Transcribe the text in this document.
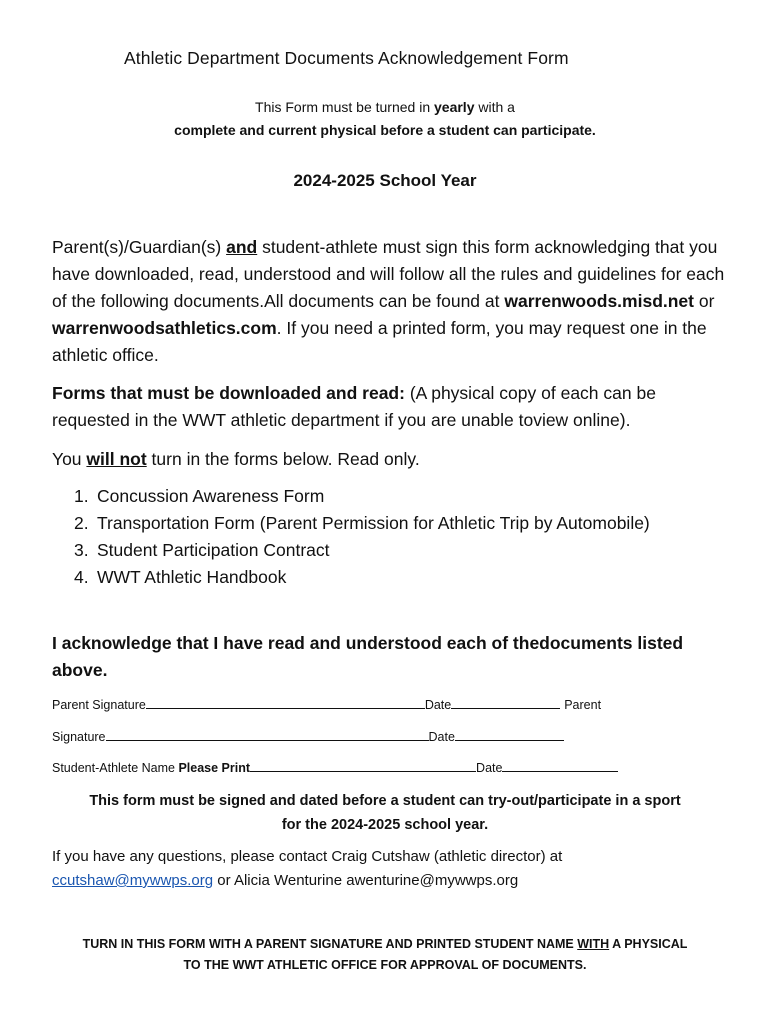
Athletic Department Documents Acknowledgement Form
This Form must be turned in yearly with a
complete and current physical before a student can participate.
2024-2025 School Year
Parent(s)/Guardian(s) and student-athlete must sign this form acknowledging that you have downloaded, read, understood and will follow all the rules and guidelines for each of the following documents.All documents can be found at warrenwoods.misd.net or warrenwoodsathletics.com. If you need a printed form, you may request one in the athletic office.
Forms that must be downloaded and read: (A physical copy of each can be requested in the WWT athletic department if you are unable toview online).
You will not turn in the forms below. Read only.
1. Concussion Awareness Form
2. Transportation Form (Parent Permission for Athletic Trip by Automobile)
3. Student Participation Contract
4. WWT Athletic Handbook
I acknowledge that I have read and understood each of thedocuments listed above.
Parent Signature	Date	Parent
Signature	Date
Student-Athlete Name Please Print	Date
This form must be signed and dated before a student can try-out/participate in a sport
for the 2024-2025 school year.
If you have any questions, please contact Craig Cutshaw (athletic director) at
ccutshaw@mywwps.org or Alicia Wenturine awenturine@mywwps.org
TURN IN THIS FORM WITH A PARENT SIGNATURE AND PRINTED STUDENT NAME WITH A PHYSICAL
TO THE WWT ATHLETIC OFFICE FOR APPROVAL OF DOCUMENTS.
